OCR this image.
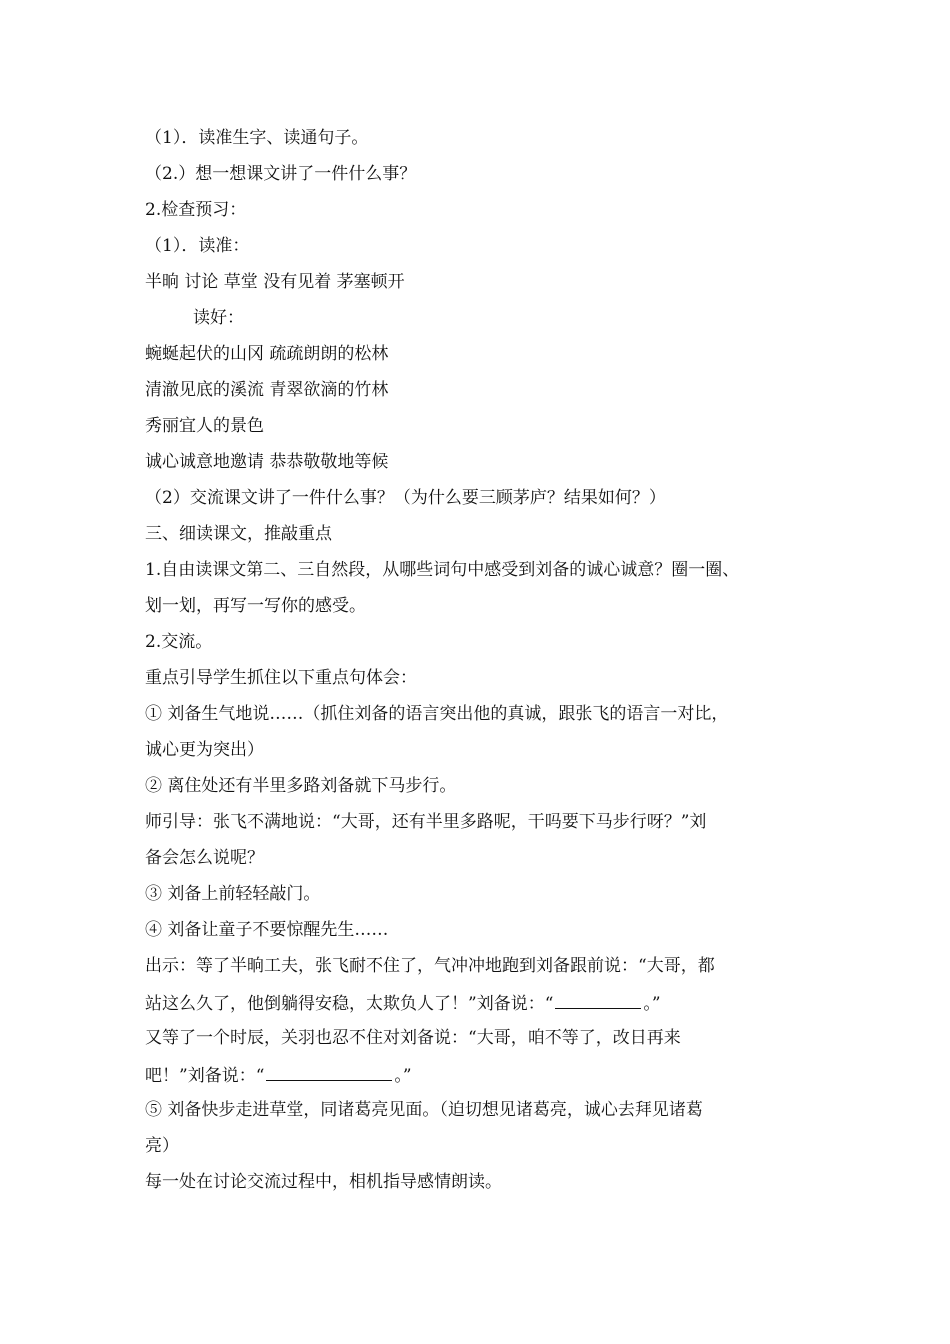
（1）．读准生字、读通句子。
（2.）想一想课文讲了一件什么事？
2.检查预习：
（1）．读准：
半晌 讨论 草堂 没有见着 茅塞顿开
读好：
蜿蜒起伏的山冈 疏疏朗朗的松林
清澈见底的溪流 青翠欲滴的竹林
秀丽宜人的景色
诚心诚意地邀请 恭恭敬敬地等候
（2）交流课文讲了一件什么事？（为什么要三顾茅庐？结果如何？）
三、细读课文，推敲重点
1.自由读课文第二、三自然段，从哪些词句中感受到刘备的诚心诚意？圈一圈、
划一划，再写一写你的感受。
2.交流。
重点引导学生抓住以下重点句体会：
① 刘备生气地说……（抓住刘备的语言突出他的真诚，跟张飞的语言一对比，
诚心更为突出）
② 离住处还有半里多路刘备就下马步行。
师引导：张飞不满地说：“大哥，还有半里多路呢，干吗要下马步行呀？”刘
备会怎么说呢？
③ 刘备上前轻轻敲门。
④ 刘备让童子不要惊醒先生……
出示：等了半晌工夫，张飞耐不住了，气冲冲地跑到刘备跟前说：“大哥，都
站这么久了，他倒躺得安稳，太欺负人了！”刘备说：“	。”
又等了一个时辰，关羽也忍不住对刘备说：“大哥，咱不等了，改日再来
吧！”刘备说：“	。”
⑤ 刘备快步走进草堂，同诸葛亮见面。（迫切想见诸葛亮，诚心去拜见诸葛
亮）
每一处在讨论交流过程中，相机指导感情朗读。
